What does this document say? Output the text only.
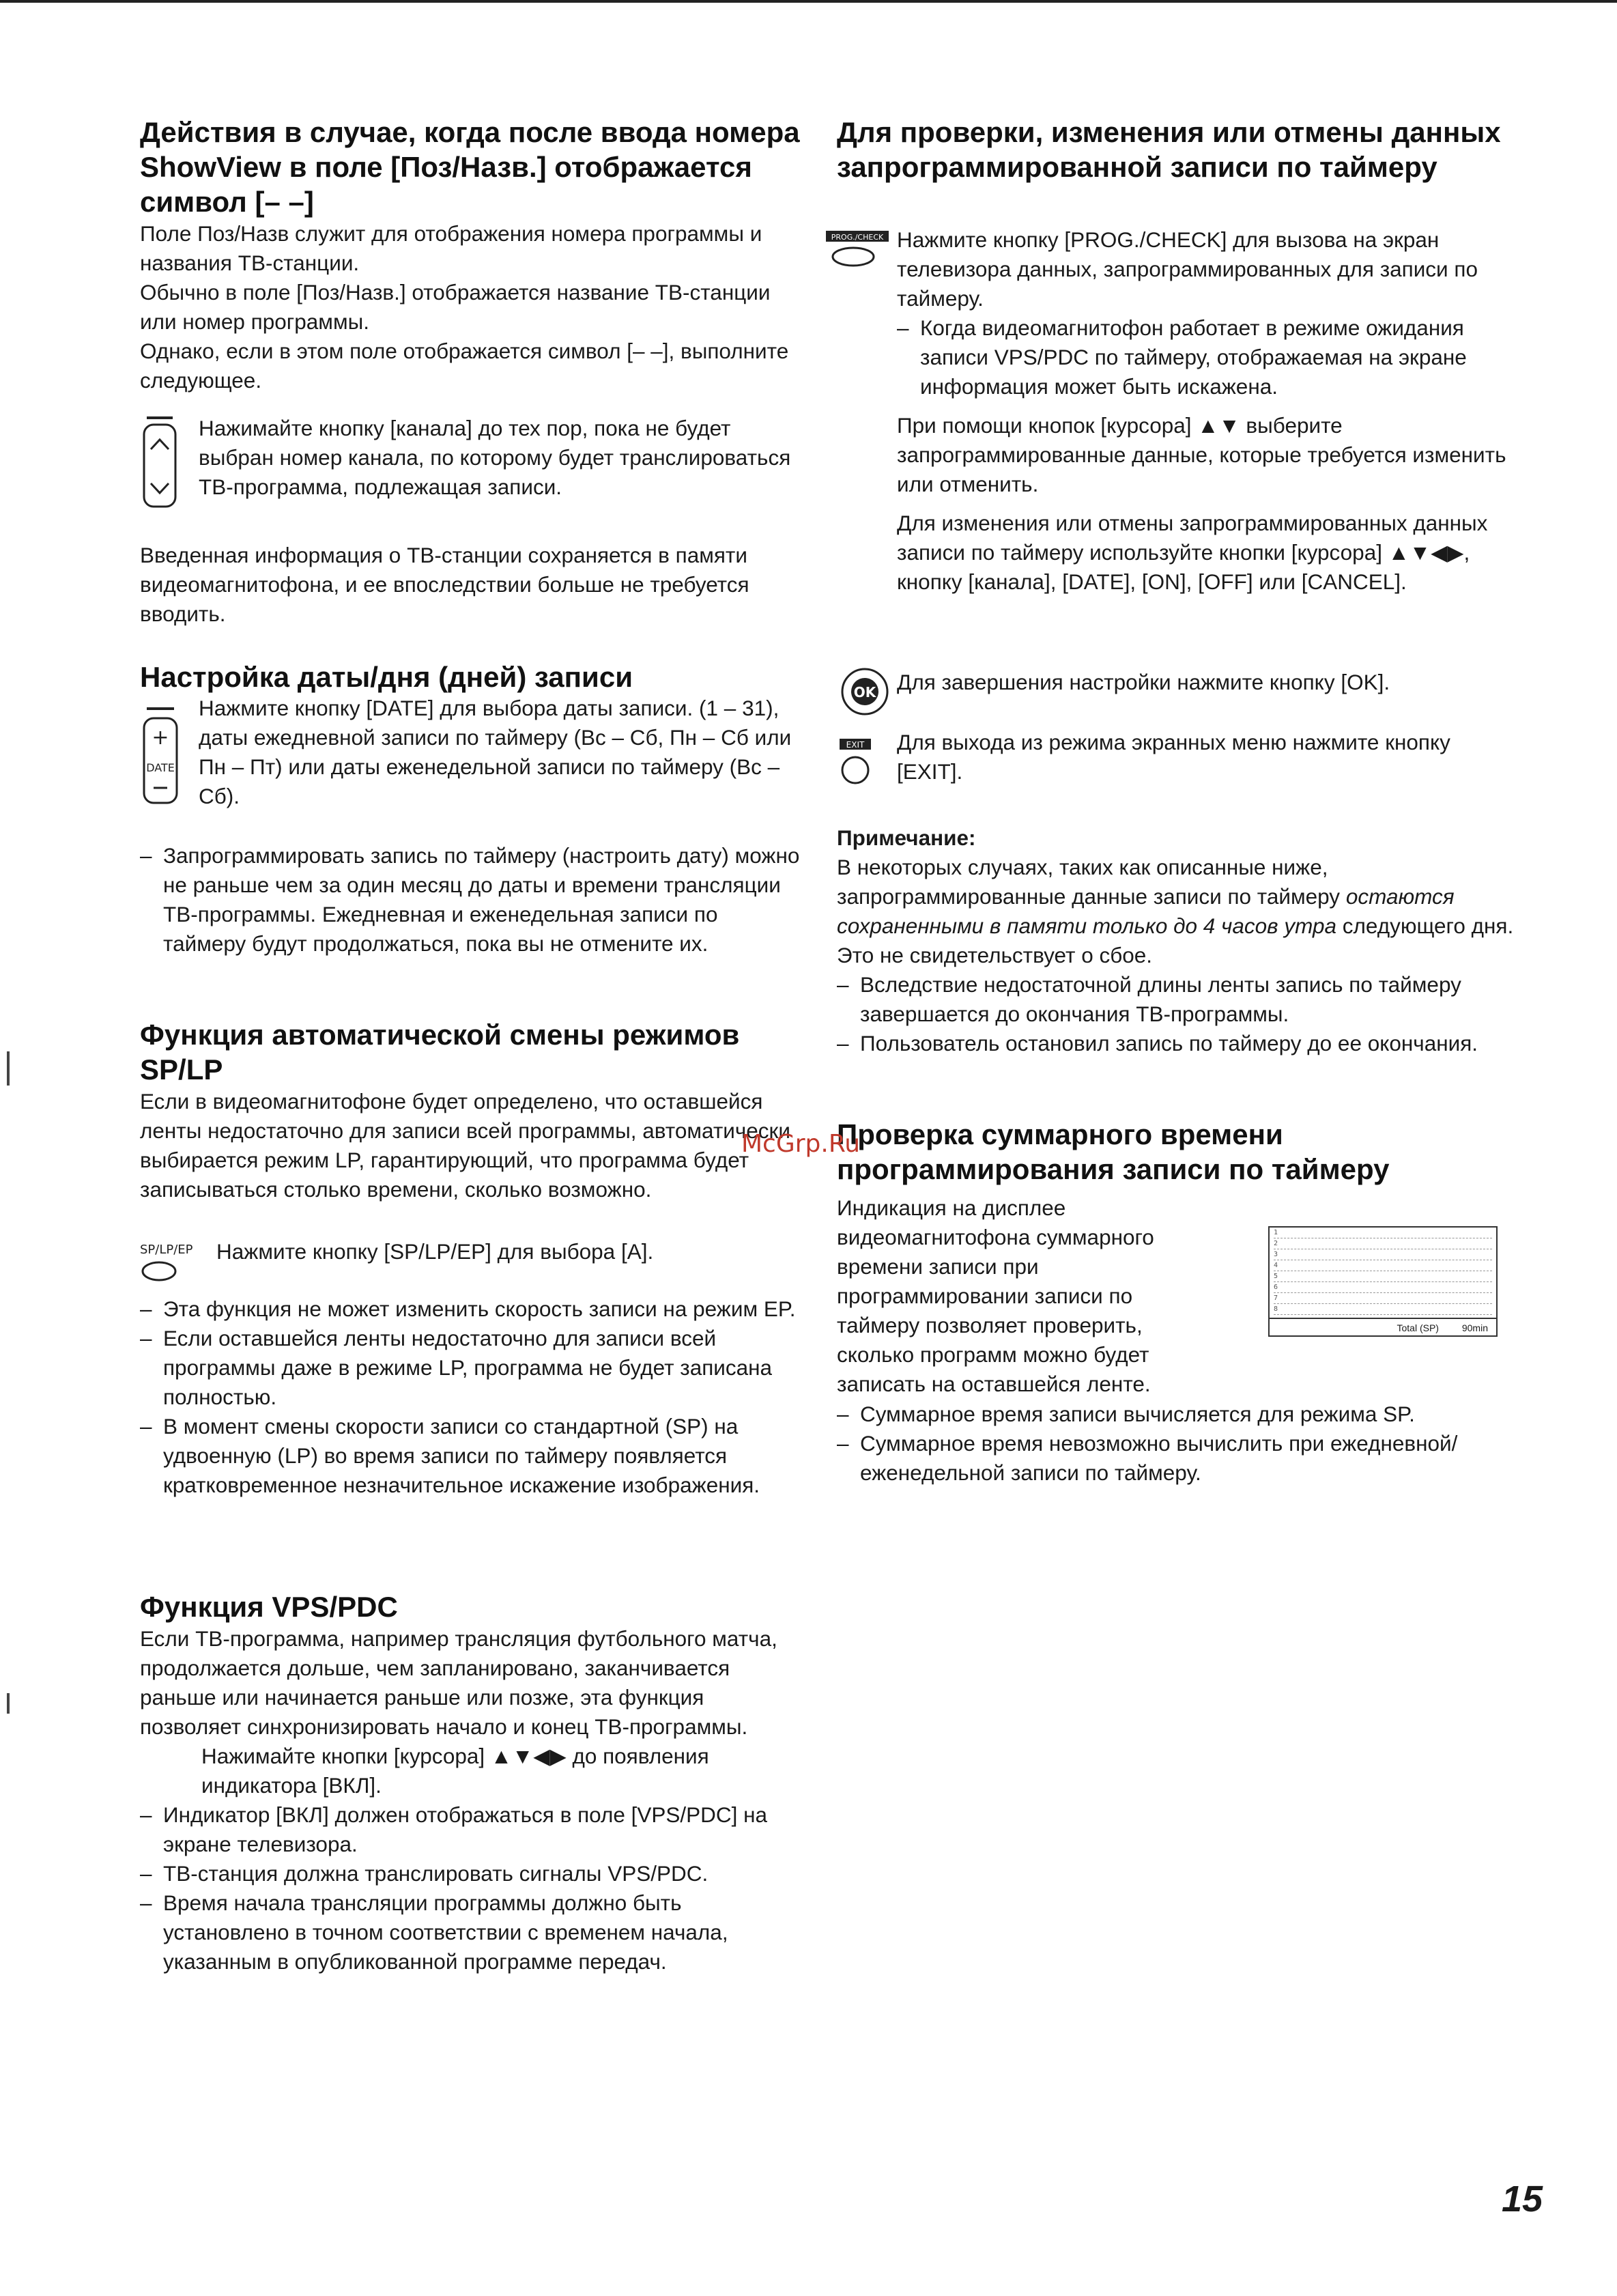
Действия в случае, когда после ввода номера ShowView в поле [Поз/Назв.] отображается символ [– –]

Поле Поз/Назв служит для отображения номера программы и названия ТВ-станции.

Обычно в поле [Поз/Назв.] отображается название ТВ-станции или номер программы.

Однако, если в этом поле отображается символ [– –], выполните следующее.

Нажимайте кнопку [канала] до тех пор, пока не будет выбран номер канала, по которому будет транслироваться ТВ-программа, подлежащая записи.

Введенная информация о ТВ-станции сохраняется в памяти видеомагнитофона, и ее впоследствии больше не требуется вводить.

Настройка даты/дня (дней) записи
+
DATE

Нажмите кнопку [DATE] для выбора даты записи. (1 – 31), даты ежедневной записи по таймеру (Вс – Сб, Пн – Сб или Пн – Пт) или даты еженедельной записи по таймеру (Вс – Сб).

– Запрограммировать запись по таймеру (настроить дату) можно не раньше чем за один месяц до даты и времени трансляции ТВ-программы. Ежедневная и еженедельная записи по таймеру будут продолжаться, пока вы не отмените их.

Функция автоматической смены режимов SP/LP

Если в видеомагнитофоне будет определено, что оставшейся ленты недостаточно для записи всей программы, автоматически выбирается режим LP, гарантирующий, что программа будет записываться столько времени, сколько возможно.

SP/LP/EP Нажмите кнопку [SP/LP/EP] для выбора [A].

– Эта функция не может изменить скорость записи на режим EP.

– Если оставшейся ленты недостаточно для записи всей программы даже в режиме LP, программа не будет записана полностью.

– В момент смены скорости записи со стандартной (SP) на удвоенную (LP) во время записи по таймеру появляется кратковременное незначительное искажение изображения.

Функция VPS/PDC

Если ТВ-программа, например трансляция футбольного матча, продолжается дольше, чем запланировано, заканчивается раньше или начинается раньше или позже, эта функция позволяет синхронизировать начало и конец ТВ-программы.

Нажимайте кнопки [курсора] ▲▼◀▶ до появления индикатора [ВКЛ].

– Индикатор [ВКЛ] должен отображаться в поле [VPS/PDC] на экране телевизора.

– ТВ-станция должна транслировать сигналы VPS/PDC.

– Время начала трансляции программы должно быть установлено в точном соответствии с временем начала, указанным в опубликованной программе передач.

Для проверки, изменения или отмены данных запрограммированной записи по таймеру
PROG./CHECK Нажмите кнопку [PROG./CHECK] для вызова на экран телевизора данных, запрограммированных для записи по таймеру.

– Когда видеомагнитофон работает в режиме ожидания записи VPS/PDC по таймеру, отображаемая на экране информация может быть искажена.

При помощи кнопок [курсора] ▲▼ выберите запрограммированные данные, которые требуется изменить или отменить.

Для изменения или отмены запрограммированных данных записи по таймеру используйте кнопки [курсора] ▲▼◀▶, кнопку [канала], [DATE], [ON], [OFF] или [CANCEL].

OK Для завершения настройки нажмите кнопку [OK].

EXIT Для выхода из режима экранных меню нажмите кнопку [EXIT].

Примечание:

В некоторых случаях, таких как описанные ниже, запрограммированные данные записи по таймеру остаются сохраненными в памяти только до 4 часов утра следующего дня. Это не свидетельствует о сбое.

– Вследствие недостаточной длины ленты запись по таймеру завершается до окончания ТВ-программы.

– Пользователь остановил запись по таймеру до ее окончания.

Проверка суммарного времени программирования записи по таймеру

Индикация на дисплее видеомагнитофона суммарного времени записи при программировании записи по таймеру позволяет проверить, сколько программ можно будет записать на оставшейся ленте.

– Суммарное время записи вычисляется для режима SP.

– Суммарное время невозможно вычислить при ежедневной/еженедельной записи по таймеру.

1
2
3
4
5
6
7
8
Total (SP) 90min
McGrp.Ru
15
